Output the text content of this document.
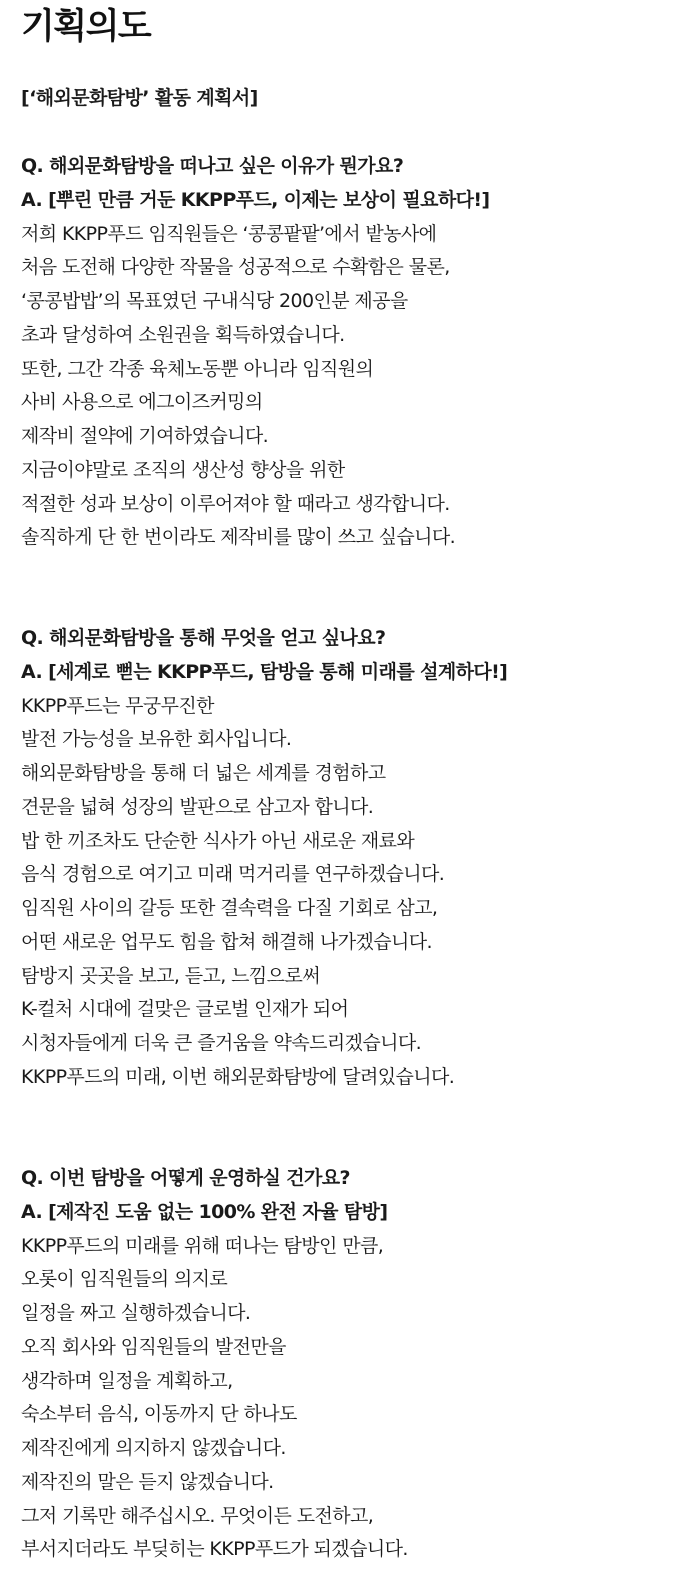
기획의도
[‘해외문화탐방’ 활동 계획서]
Q. 해외문화탐방을 떠나고 싶은 이유가 뭔가요?
A. [뿌린 만큼 거둔 KKPP푸드, 이제는 보상이 필요하다!]
저희 KKPP푸드 임직원들은 ‘콩콩팥팥’에서 밭농사에
처음 도전해 다양한 작물을 성공적으로 수확함은 물론,
‘콩콩밥밥’의 목표였던 구내식당 200인분 제공을
초과 달성하여 소원권을 획득하였습니다.
또한, 그간 각종 육체노동뿐 아니라 임직원의
사비 사용으로 에그이즈커밍의
제작비 절약에 기여하였습니다.
지금이야말로 조직의 생산성 향상을 위한
적절한 성과 보상이 이루어져야 할 때라고 생각합니다.
솔직하게 단 한 번이라도 제작비를 많이 쓰고 싶습니다.
Q. 해외문화탐방을 통해 무엇을 얻고 싶나요?
A. [세계로 뻗는 KKPP푸드, 탐방을 통해 미래를 설계하다!]
KKPP푸드는 무궁무진한
발전 가능성을 보유한 회사입니다.
해외문화탐방을 통해 더 넓은 세계를 경험하고
견문을 넓혀 성장의 발판으로 삼고자 합니다.
밥 한 끼조차도 단순한 식사가 아닌 새로운 재료와
음식 경험으로 여기고 미래 먹거리를 연구하겠습니다.
임직원 사이의 갈등 또한 결속력을 다질 기회로 삼고,
어떤 새로운 업무도 힘을 합쳐 해결해 나가겠습니다.
탐방지 곳곳을 보고, 듣고, 느낌으로써
K-컬처 시대에 걸맞은 글로벌 인재가 되어
시청자들에게 더욱 큰 즐거움을 약속드리겠습니다.
KKPP푸드의 미래, 이번 해외문화탐방에 달려있습니다.
Q. 이번 탐방을 어떻게 운영하실 건가요?
A. [제작진 도움 없는 100% 완전 자율 탐방]
KKPP푸드의 미래를 위해 떠나는 탐방인 만큼,
오롯이 임직원들의 의지로
일정을 짜고 실행하겠습니다.
오직 회사와 임직원들의 발전만을
생각하며 일정을 계획하고,
숙소부터 음식, 이동까지 단 하나도
제작진에게 의지하지 않겠습니다.
제작진의 말은 듣지 않겠습니다.
그저 기록만 해주십시오. 무엇이든 도전하고,
부서지더라도 부딪히는 KKPP푸드가 되겠습니다.
